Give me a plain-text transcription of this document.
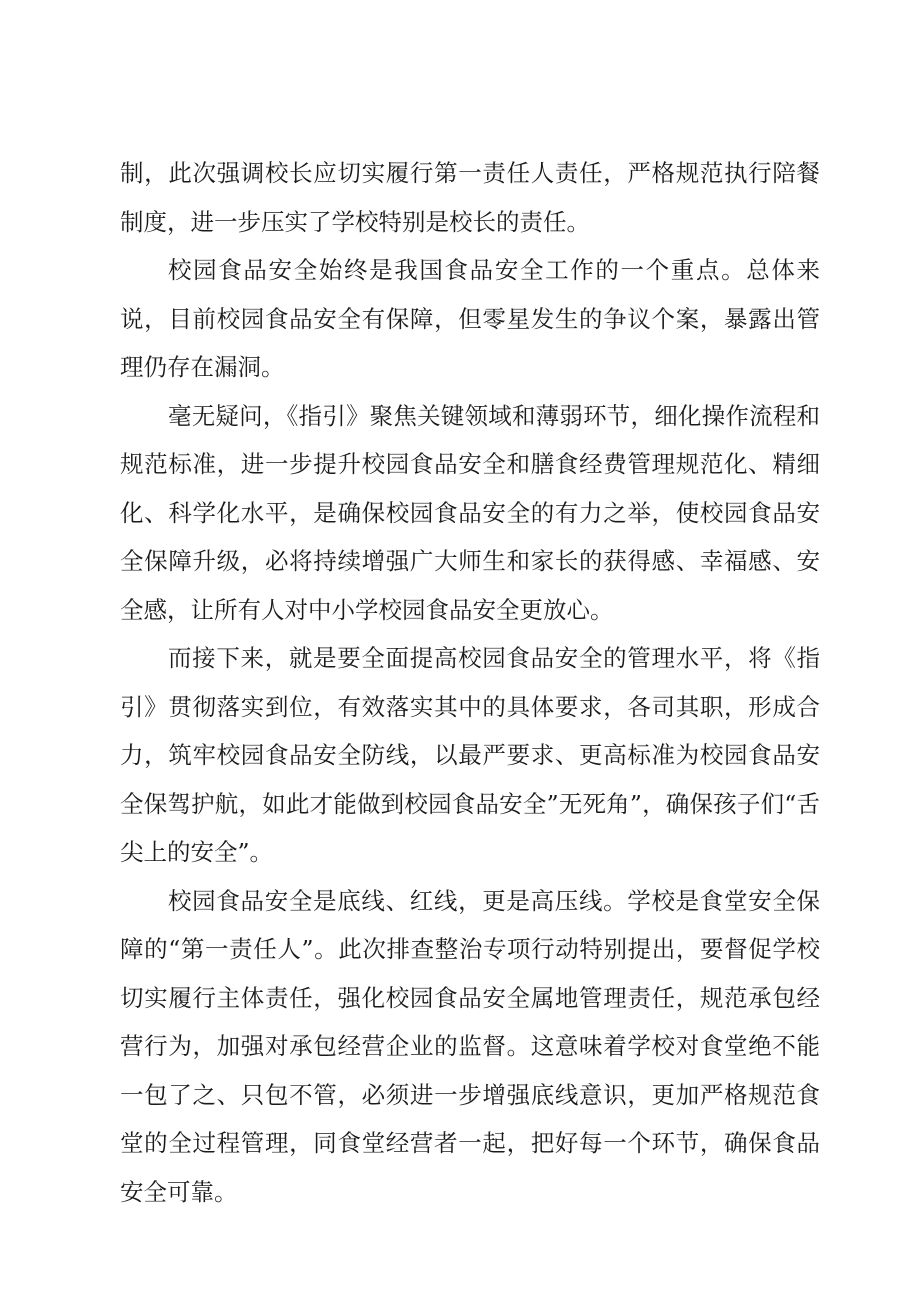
制，此次强调校长应切实履行第一责任人责任，严格规范执行陪餐制度，进一步压实了学校特别是校长的责任。

校园食品安全始终是我国食品安全工作的一个重点。总体来说，目前校园食品安全有保障，但零星发生的争议个案，暴露出管理仍存在漏洞。

毫无疑问，《指引》聚焦关键领域和薄弱环节，细化操作流程和规范标准，进一步提升校园食品安全和膳食经费管理规范化、精细化、科学化水平，是确保校园食品安全的有力之举，使校园食品安全保障升级，必将持续增强广大师生和家长的获得感、幸福感、安全感，让所有人对中小学校园食品安全更放心。

而接下来，就是要全面提高校园食品安全的管理水平，将《指引》贯彻落实到位，有效落实其中的具体要求，各司其职，形成合力，筑牢校园食品安全防线，以最严要求、更高标准为校园食品安全保驾护航，如此才能做到校园食品安全”无死角”，确保孩子们“舌尖上的安全”。

校园食品安全是底线、红线，更是高压线。学校是食堂安全保障的“第一责任人”。此次排查整治专项行动特别提出，要督促学校切实履行主体责任，强化校园食品安全属地管理责任，规范承包经营行为，加强对承包经营企业的监督。这意味着学校对食堂绝不能一包了之、只包不管，必须进一步增强底线意识，更加严格规范食堂的全过程管理，同食堂经营者一起，把好每一个环节，确保食品安全可靠。
